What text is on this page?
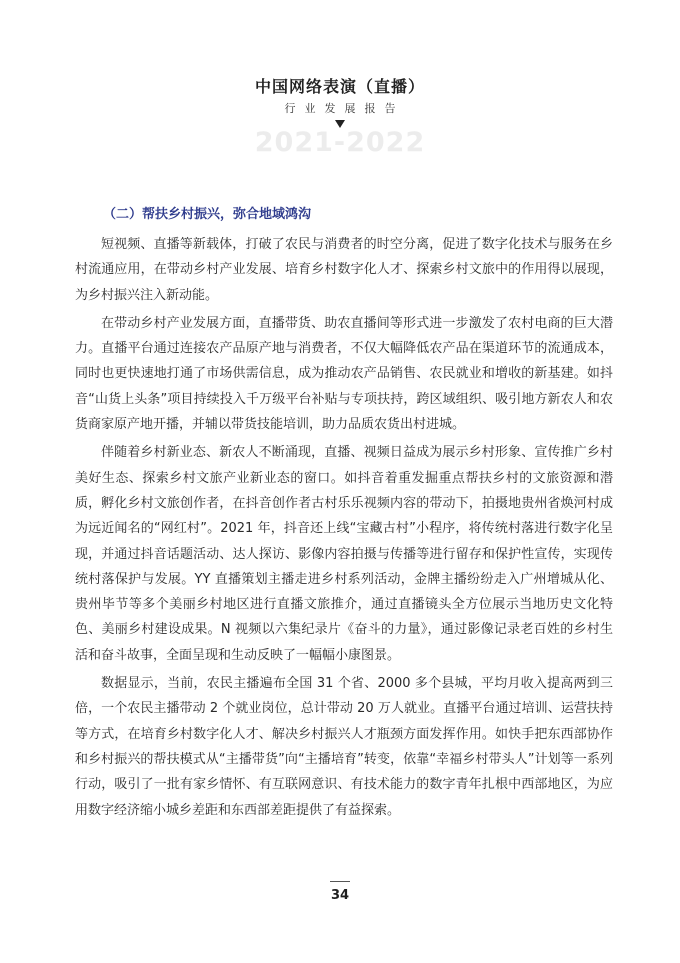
中国网络表演（直播）
行业发展报告
2021-2022
（二）帮扶乡村振兴，弥合地域鸿沟

短视频、直播等新载体，打破了农民与消费者的时空分离，促进了数字化技术与服务在乡村流通应用，在带动乡村产业发展、培育乡村数字化人才、探索乡村文旅中的作用得以展现，为乡村振兴注入新动能。

在带动乡村产业发展方面，直播带货、助农直播间等形式进一步激发了农村电商的巨大潜力。直播平台通过连接农产品原产地与消费者，不仅大幅降低农产品在渠道环节的流通成本，同时也更快速地打通了市场供需信息，成为推动农产品销售、农民就业和增收的新基建。如抖音“山货上头条”项目持续投入千万级平台补贴与专项扶持，跨区域组织、吸引地方新农人和农货商家原产地开播，并辅以带货技能培训，助力品质农货出村进城。

伴随着乡村新业态、新农人不断涌现，直播、视频日益成为展示乡村形象、宣传推广乡村美好生态、探索乡村文旅产业新业态的窗口。如抖音着重发掘重点帮扶乡村的文旅资源和潜质，孵化乡村文旅创作者，在抖音创作者古村乐乐视频内容的带动下，拍摄地贵州省焕河村成为远近闻名的“网红村”。2021 年，抖音还上线“宝藏古村”小程序，将传统村落进行数字化呈现，并通过抖音话题活动、达人探访、影像内容拍摄与传播等进行留存和保护性宣传，实现传统村落保护与发展。YY 直播策划主播走进乡村系列活动，金牌主播纷纷走入广州增城从化、贵州毕节等多个美丽乡村地区进行直播文旅推介，通过直播镜头全方位展示当地历史文化特色、美丽乡村建设成果。N 视频以六集纪录片《奋斗的力量》，通过影像记录老百姓的乡村生活和奋斗故事，全面呈现和生动反映了一幅幅小康图景。

数据显示，当前，农民主播遍布全国 31 个省、2000 多个县城，平均月收入提高两到三倍，一个农民主播带动 2 个就业岗位，总计带动 20 万人就业。直播平台通过培训、运营扶持等方式，在培育乡村数字化人才、解决乡村振兴人才瓶颈方面发挥作用。如快手把东西部协作和乡村振兴的帮扶模式从“主播带货”向“主播培育”转变，依靠“幸福乡村带头人”计划等一系列行动，吸引了一批有家乡情怀、有互联网意识、有技术能力的数字青年扎根中西部地区，为应用数字经济缩小城乡差距和东西部差距提供了有益探索。

34
